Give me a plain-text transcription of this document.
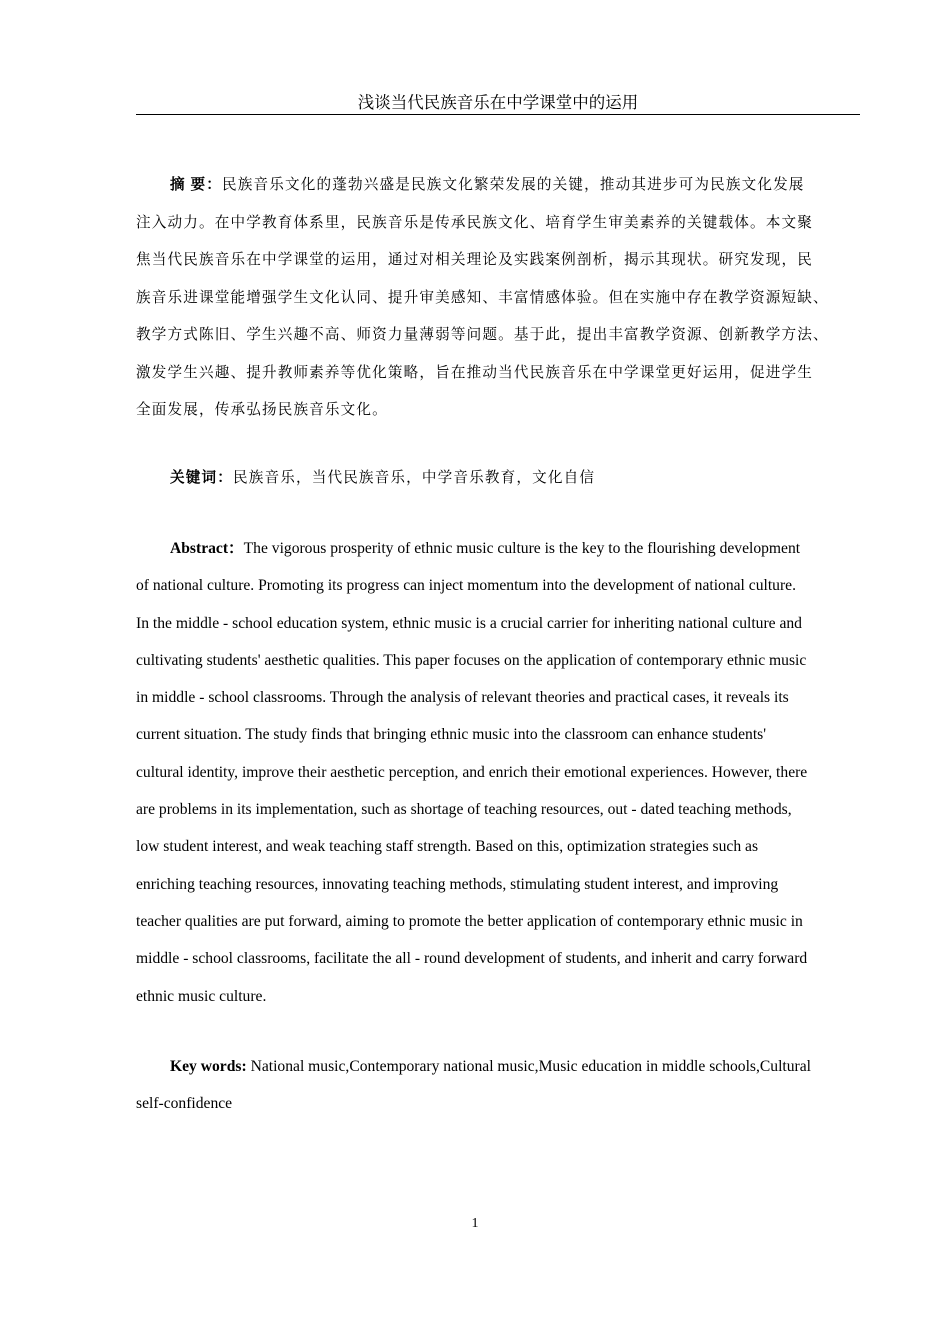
浅谈当代民族音乐在中学课堂中的运用
摘 要：民族音乐文化的蓬勃兴盛是民族文化繁荣发展的关键，推动其进步可为民族文化发展
注入动力。在中学教育体系里，民族音乐是传承民族文化、培育学生审美素养的关键载体。本文聚
焦当代民族音乐在中学课堂的运用，通过对相关理论及实践案例剖析，揭示其现状。研究发现，民
族音乐进课堂能增强学生文化认同、提升审美感知、丰富情感体验。但在实施中存在教学资源短缺、
教学方式陈旧、学生兴趣不高、师资力量薄弱等问题。基于此，提出丰富教学资源、创新教学方法、
激发学生兴趣、提升教师素养等优化策略，旨在推动当代民族音乐在中学课堂更好运用，促进学生
全面发展，传承弘扬民族音乐文化。
关键词：民族音乐，当代民族音乐，中学音乐教育，文化自信
Abstract：The vigorous prosperity of ethnic music culture is the key to the flourishing development
of national culture. Promoting its progress can inject momentum into the development of national culture.
In the middle - school education system, ethnic music is a crucial carrier for inheriting national culture and
cultivating students' aesthetic qualities. This paper focuses on the application of contemporary ethnic music
in middle - school classrooms. Through the analysis of relevant theories and practical cases, it reveals its
current situation. The study finds that bringing ethnic music into the classroom can enhance students'
cultural identity, improve their aesthetic perception, and enrich their emotional experiences. However, there
are problems in its implementation, such as shortage of teaching resources, out - dated teaching methods,
low student interest, and weak teaching staff strength. Based on this, optimization strategies such as
enriching teaching resources, innovating teaching methods, stimulating student interest, and improving
teacher qualities are put forward, aiming to promote the better application of contemporary ethnic music in
middle - school classrooms, facilitate the all - round development of students, and inherit and carry forward
ethnic music culture.
Key words: National music,Contemporary national music,Music education in middle schools,Cultural
self-confidence
1
